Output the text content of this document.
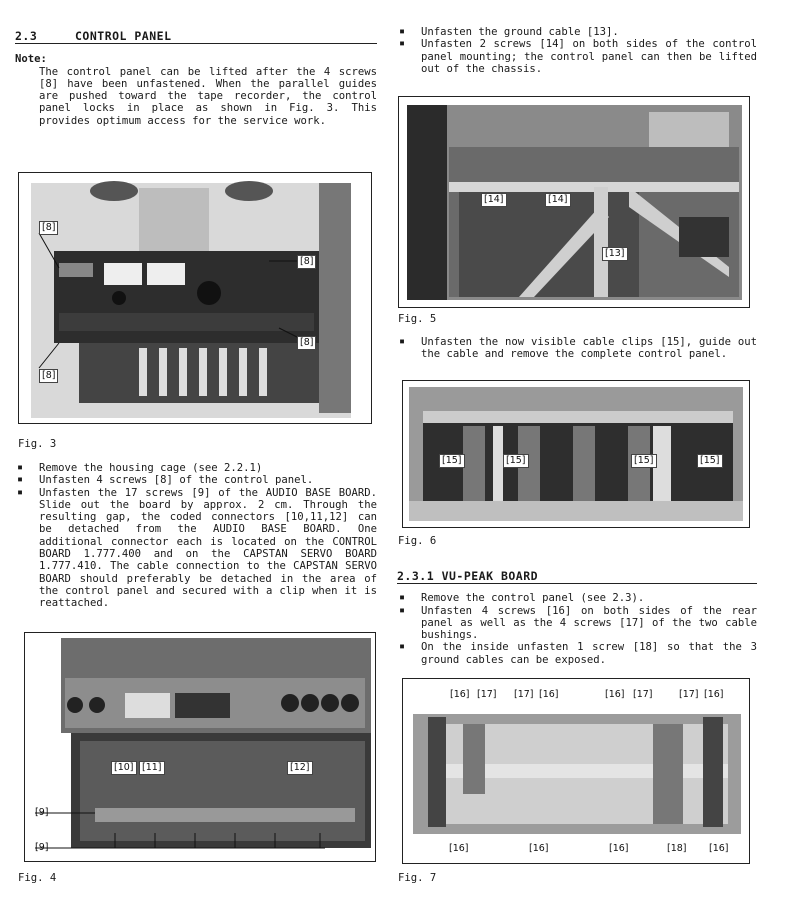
2.3	CONTROL PANEL
Note:
The control panel can be lifted after the 4 screws [8] have been unfastened. When the parallel guides are pushed toward the tape recorder, the control panel locks in place as shown in Fig. 3. This provides optimum access for the service work.
[8]
[8]
[8]
[8]
Fig. 3
▪ Remove the housing cage (see 2.2.1)
▪ Unfasten 4 screws [8] of the control panel.
▪ Unfasten the 17 screws [9] of the AUDIO BASE BOARD. Slide out the board by approx. 2 cm. Through the resulting gap, the coded connectors [10,11,12] can be detached from the AUDIO BASE BOARD. One additional connector each is located on the CONTROL BOARD 1.777.400 and on the CAPSTAN SERVO BOARD 1.777.410. The cable connection to the CAPSTAN SERVO BOARD should preferably be detached in the area of the control panel and secured with a clip when it is reattached.
[10] [11]	[12]
[9]
[9]
Fig. 4
▪ Unfasten the ground cable [13].
▪ Unfasten 2 screws [14] on both sides of the control panel mounting; the control panel can then be lifted out of the chassis.
[14]	[14]
[13]
Fig. 5
▪ Unfasten the now visible cable clips [15], guide out the cable and remove the complete control panel.
[15]	[15]	[15]	[15]
Fig. 6
2.3.1 VU-PEAK BOARD
▪ Remove the control panel (see 2.3).
▪ Unfasten 4 screws [16] on both sides of the rear panel as well as the 4 screws [17] of the two cable bushings.
▪ On the inside unfasten 1 screw [18] so that the 3 ground cables can be exposed.
[16] [17] [17] [16]	[16] [17]	[17] [16]
[16]	[16]	[16]	[18] [16]
Fig. 7
